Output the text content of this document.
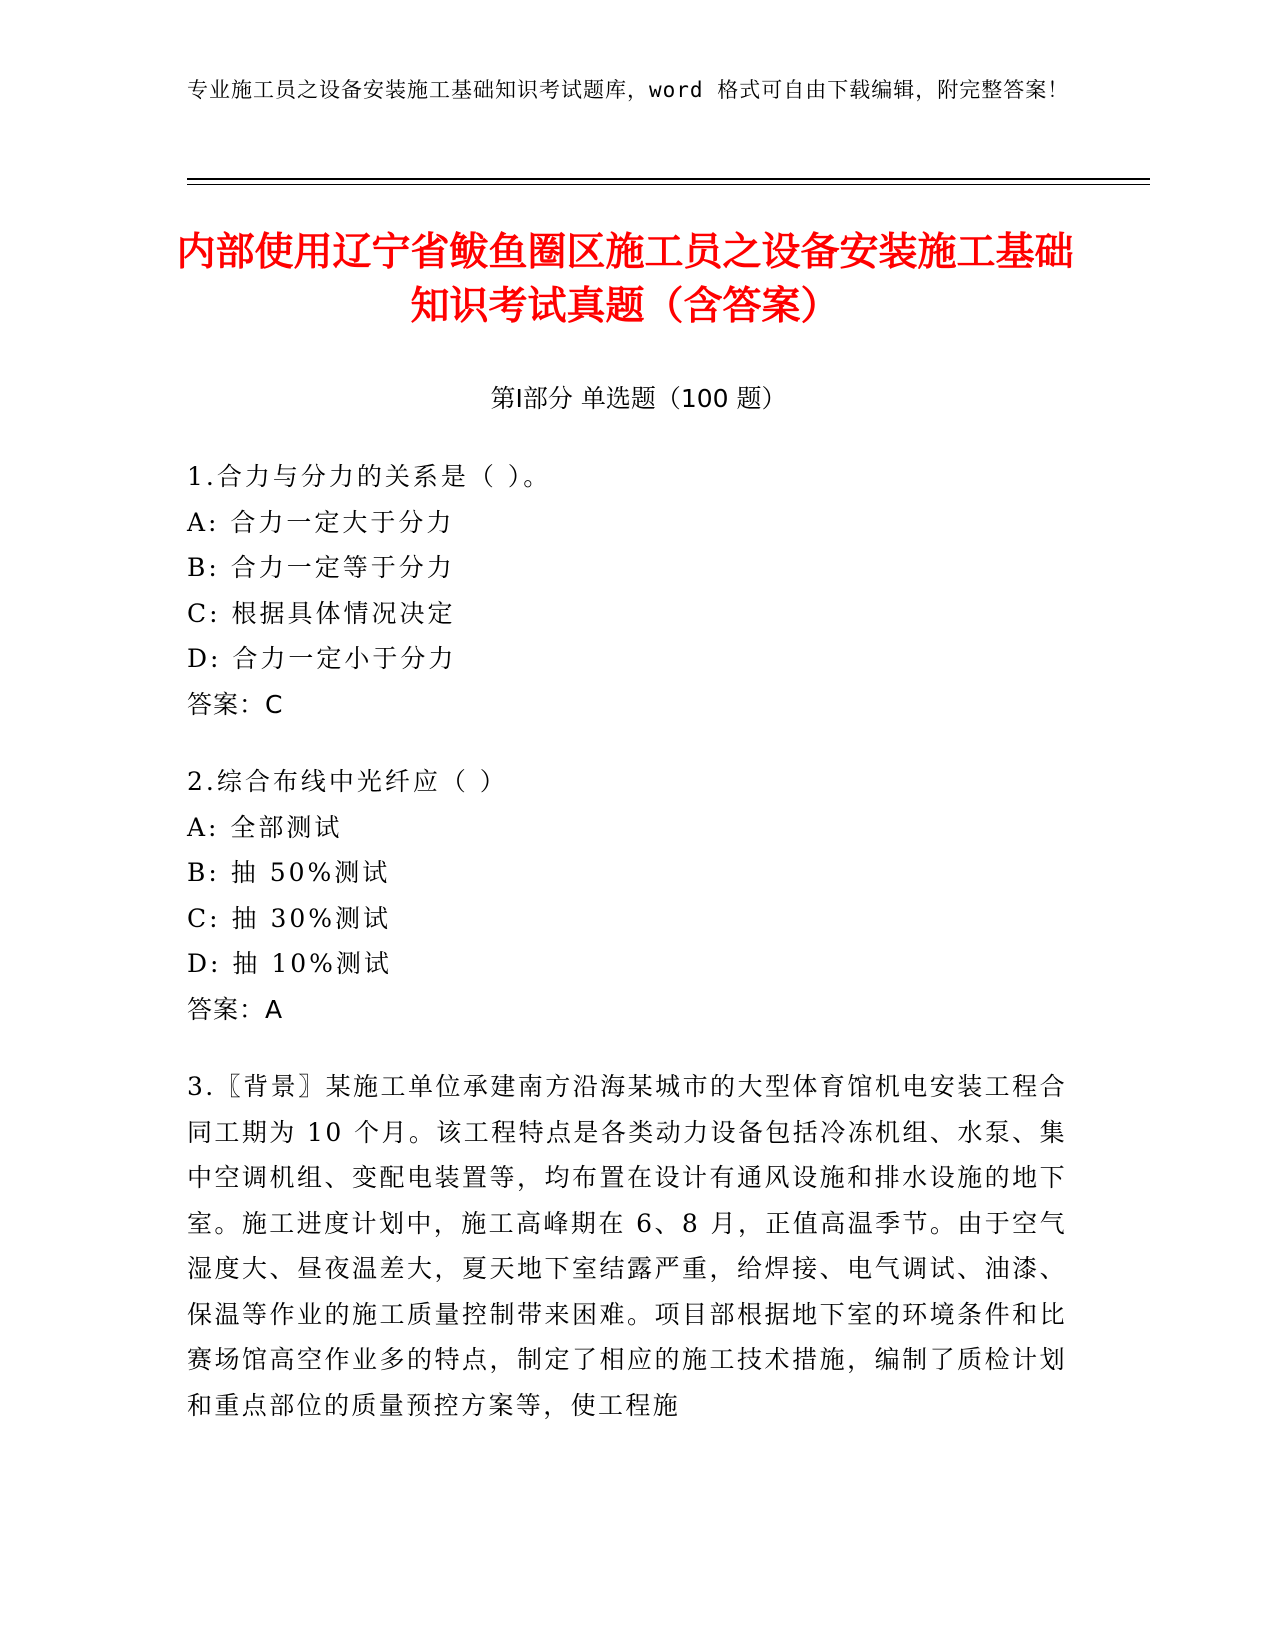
专业施工员之设备安装施工基础知识考试题库，word 格式可自由下载编辑，附完整答案！
内部使用辽宁省鲅鱼圈区施工员之设备安装施工基础知识考试真题（含答案）
第Ⅰ部分 单选题（100 题）
1.合力与分力的关系是（ ）。
A: 合力一定大于分力
B: 合力一定等于分力
C: 根据具体情况决定
D: 合力一定小于分力
答案：C
2.综合布线中光纤应（ ）
A: 全部测试
B: 抽 50%测试
C: 抽 30%测试
D: 抽 10%测试
答案：A
3.〖背景〗某施工单位承建南方沿海某城市的大型体育馆机电安装工程合同工期为 10 个月。该工程特点是各类动力设备包括冷冻机组、水泵、集中空调机组、变配电装置等，均布置在设计有通风设施和排水设施的地下室。施工进度计划中，施工高峰期在 6、8 月，正值高温季节。由于空气湿度大、昼夜温差大，夏天地下室结露严重，给焊接、电气调试、油漆、保温等作业的施工质量控制带来困难。项目部根据地下室的环境条件和比赛场馆高空作业多的特点，制定了相应的施工技术措施，编制了质检计划和重点部位的质量预控方案等，使工程施
